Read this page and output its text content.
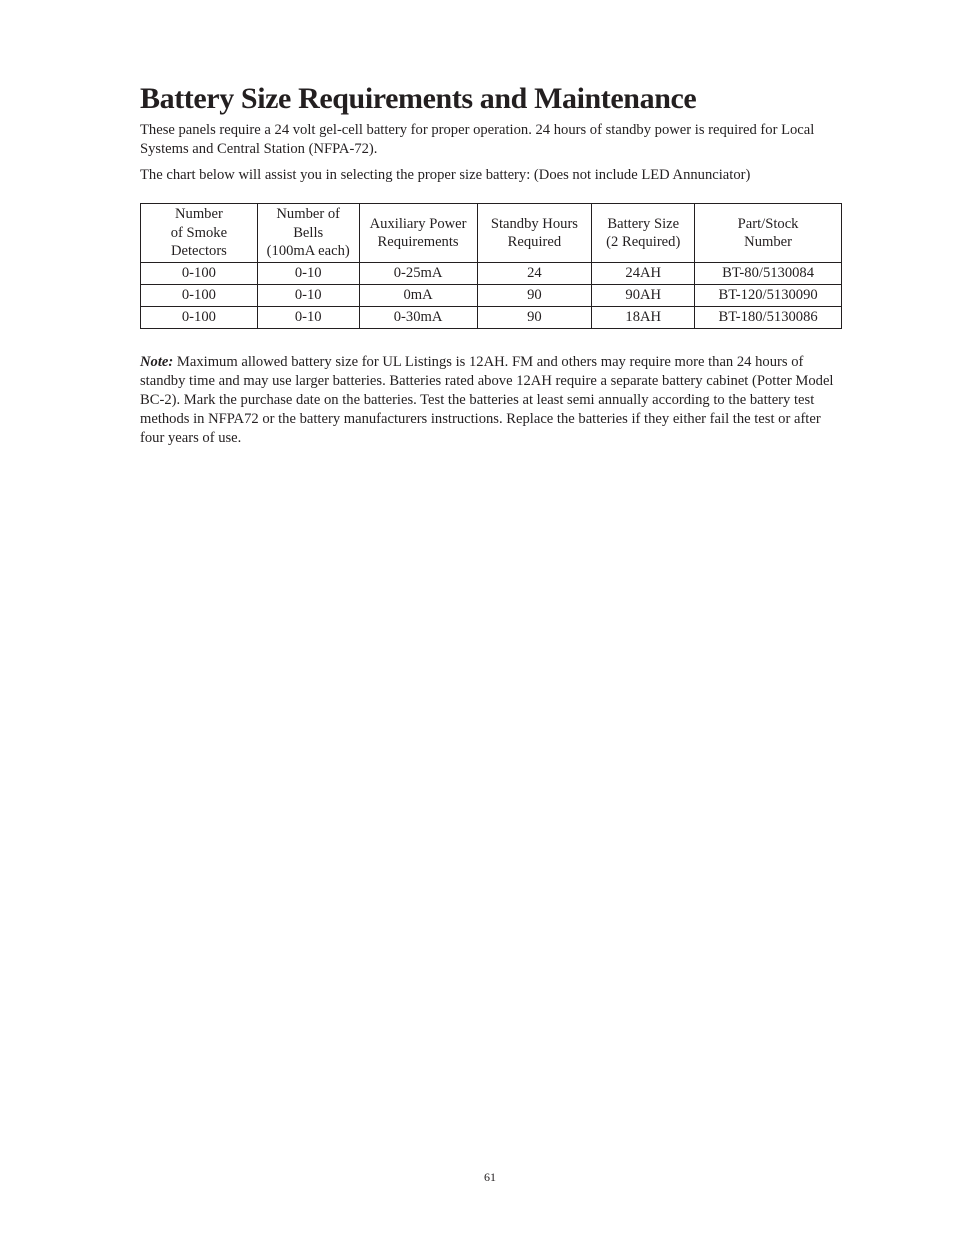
Battery Size Requirements and Maintenance

These panels require a 24 volt gel-cell battery for proper operation. 24 hours of standby power is required for Local Systems and Central Station (NFPA-72).

The chart below will assist you in selecting the proper size battery: (Does not include LED Annunciator)

Number
of Smoke
Detectors	Number of
Bells
(100mA each)	Auxiliary Power
Requirements	Standby Hours
Required	Battery Size
(2 Required)	Part/Stock
Number

0-100	0-10	0-25mA	24	24AH	BT-80/5130084
0-100	0-10	0mA	90	90AH	BT-120/5130090
0-100	0-10	0-30mA	90	18AH	BT-180/5130086

Note: Maximum allowed battery size for UL Listings is 12AH. FM and others may require more than 24 hours of standby time and may use larger batteries. Batteries rated above 12AH require a separate battery cabinet (Potter Model BC-2). Mark the purchase date on the batteries. Test the batteries at least semi annually according to the battery test methods in NFPA72 or the battery manufacturers instructions. Replace the batteries if they either fail the test or after four years of use.

61
